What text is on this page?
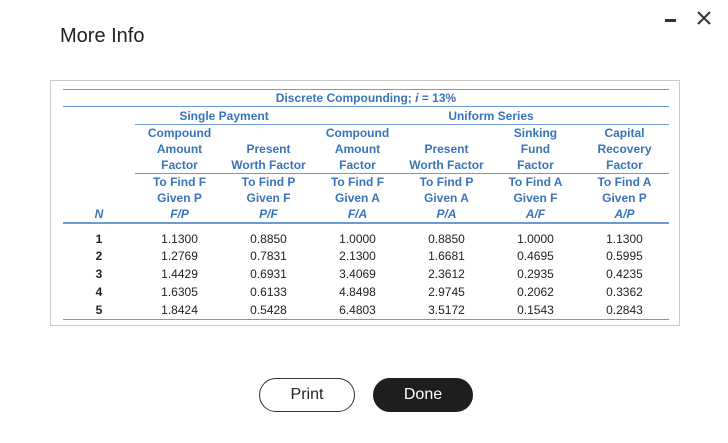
More Info
Discrete Compounding; i = 13%						
	Single Payment		Uniform Series			
	Compound		Compound		Sinking	Capital
	Amount	Present	Amount	Present	Fund	Recovery
	Factor	Worth Factor	Factor	Worth Factor	Factor	Factor
	To Find F	To Find P	To Find F	To Find P	To Find A	To Find A
	Given P	Given F	Given A	Given A	Given F	Given P
N	F/P	P/F	F/A	P/A	A/F	A/P
1	1.1300	0.8850	1.0000	0.8850	1.0000	1.1300
2	1.2769	0.7831	2.1300	1.6681	0.4695	0.5995
3	1.4429	0.6931	3.4069	2.3612	0.2935	0.4235
4	1.6305	0.6133	4.8498	2.9745	0.2062	0.3362
5	1.8424	0.5428	6.4803	3.5172	0.1543	0.2843
Print	Done
